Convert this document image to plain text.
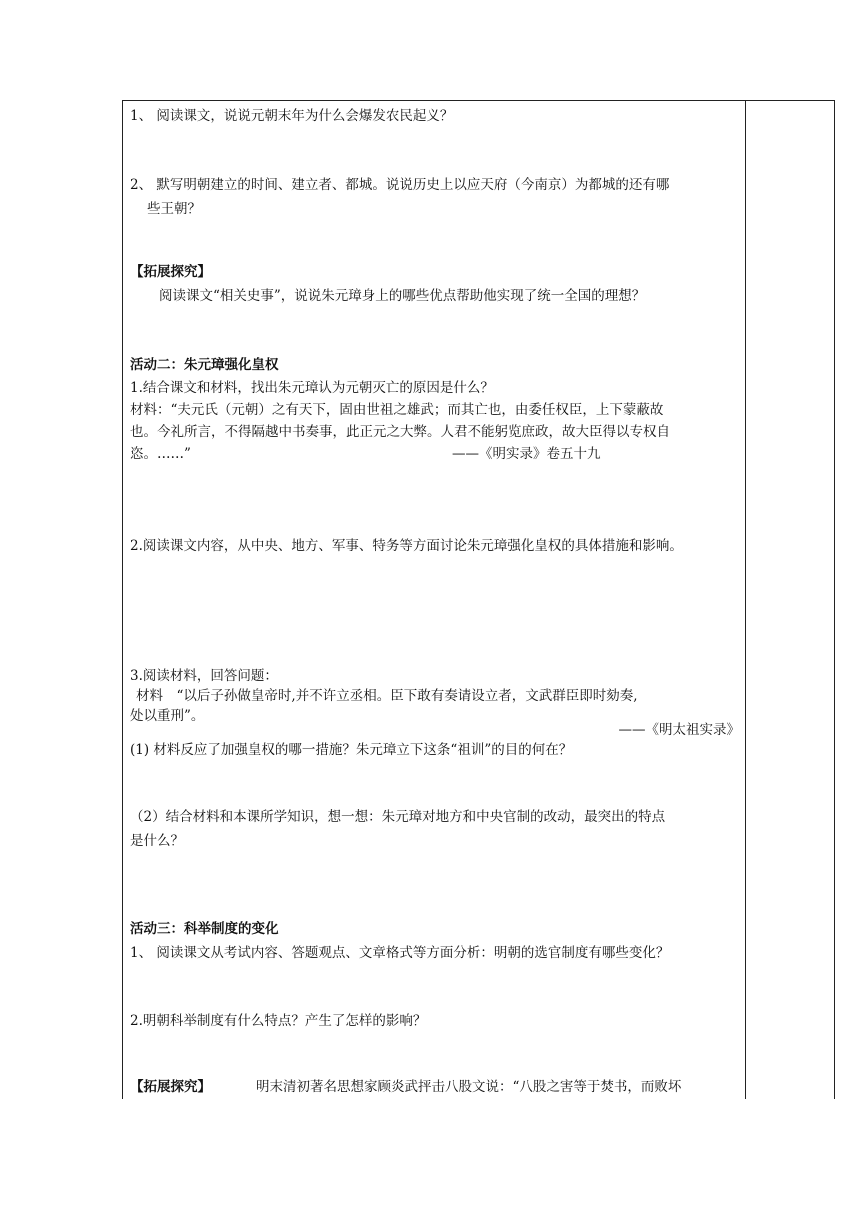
1、 阅读课文，说说元朝末年为什么会爆发农民起义？
2、 默写明朝建立的时间、建立者、都城。说说历史上以应天府（今南京）为都城的还有哪
些王朝？
【拓展探究】
阅读课文“相关史事”，说说朱元璋身上的哪些优点帮助他实现了统一全国的理想？
活动二：朱元璋强化皇权
1.结合课文和材料，找出朱元璋认为元朝灭亡的原因是什么？
材料：“夫元氏（元朝）之有天下，固由世祖之雄武；而其亡也，由委任权臣，上下蒙蔽故
也。今礼所言，不得隔越中书奏事，此正元之大弊。人君不能躬览庶政，故大臣得以专权自
恣。……”	——《明实录》卷五十九
2.阅读课文内容，从中央、地方、军事、特务等方面讨论朱元璋强化皇权的具体措施和影响。
3.阅读材料，回答问题：
材料　“以后子孙做皇帝时,并不许立丞相。臣下敢有奏请设立者，文武群臣即时劾奏,
处以重刑”。
——《明太祖实录》
(1) 材料反应了加强皇权的哪一措施？朱元璋立下这条“祖训”的目的何在？
（2）结合材料和本课所学知识，想一想：朱元璋对地方和中央官制的改动，最突出的特点
是什么？
活动三：科举制度的变化
1、 阅读课文从考试内容、答题观点、文章格式等方面分析：明朝的选官制度有哪些变化？
2.明朝科举制度有什么特点？产生了怎样的影响？
【拓展探究】	明末清初著名思想家顾炎武抨击八股文说：“八股之害等于焚书，而败坏
